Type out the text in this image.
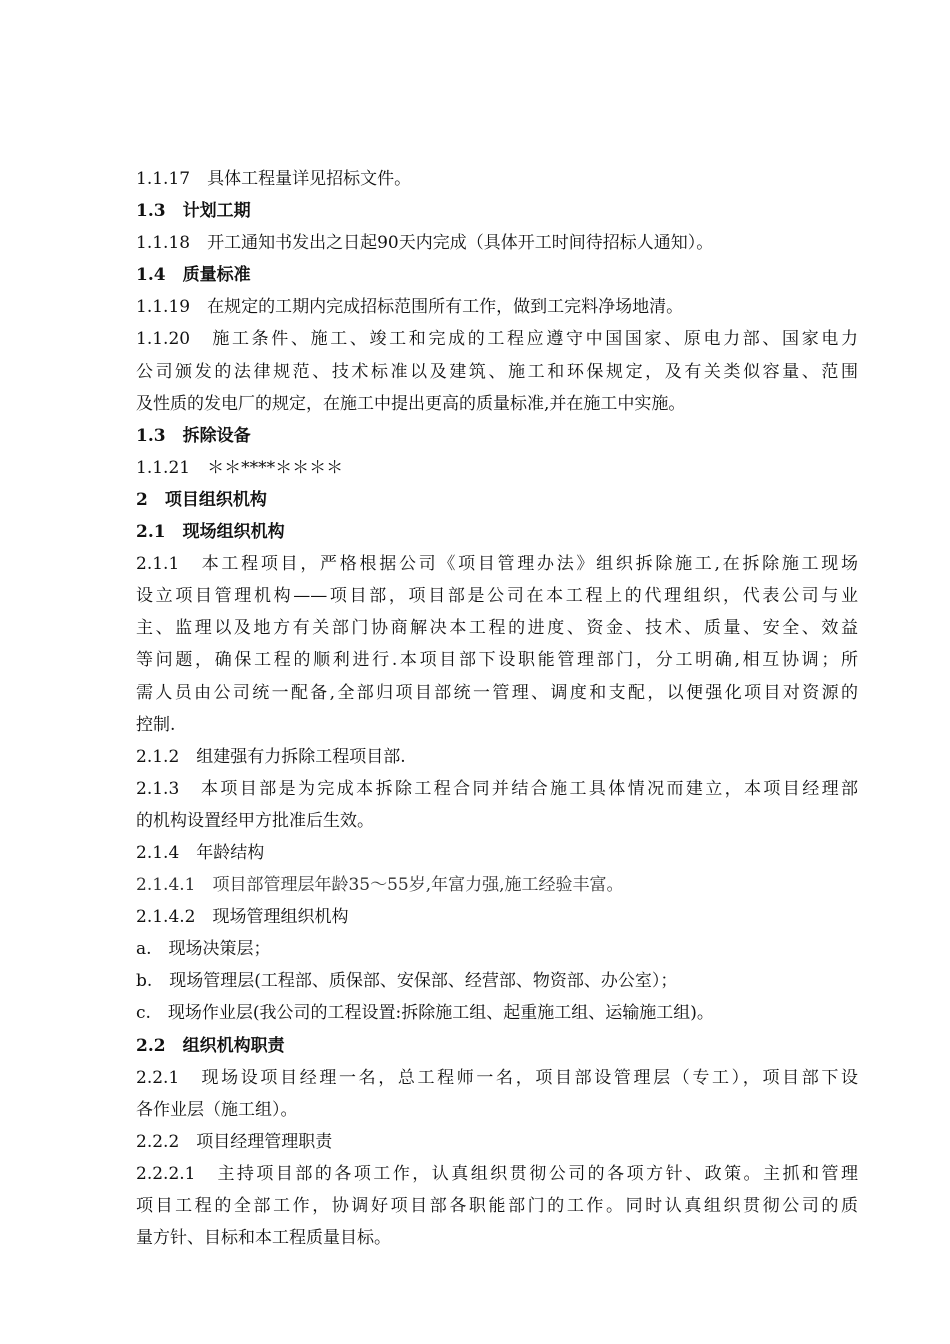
1.1.17　具体工程量详见招标文件。
1.3　计划工期
1.1.18　开工通知书发出之日起90天内完成（具体开工时间待招标人通知）。
1.4　质量标准
1.1.19　在规定的工期内完成招标范围所有工作，做到工完料净场地清。
1.1.20　施工条件、施工、竣工和完成的工程应遵守中国国家、原电力部、国家电力
公司颁发的法律规范、技术标准以及建筑、施工和环保规定，及有关类似容量、范围
及性质的发电厂的规定，在施工中提出更高的质量标准,并在施工中实施。
1.3　拆除设备
1.1.21　＊＊****＊＊＊＊
2　项目组织机构
2.1　现场组织机构
2.1.1　本工程项目，严格根据公司《项目管理办法》组织拆除施工,在拆除施工现场
设立项目管理机构——项目部，项目部是公司在本工程上的代理组织，代表公司与业
主、监理以及地方有关部门协商解决本工程的进度、资金、技术、质量、安全、效益
等问题，确保工程的顺利进行.本项目部下设职能管理部门，分工明确,相互协调；所
需人员由公司统一配备,全部归项目部统一管理、调度和支配，以便强化项目对资源的
控制.
2.1.2　组建强有力拆除工程项目部.
2.1.3　本项目部是为完成本拆除工程合同并结合施工具体情况而建立，本项目经理部
的机构设置经甲方批准后生效。
2.1.4　年龄结构
2.1.4.1　项目部管理层年龄35～55岁,年富力强,施工经验丰富。
2.1.4.2　现场管理组织机构
a.　现场决策层；
b.　现场管理层(工程部、质保部、安保部、经营部、物资部、办公室）；
c.　现场作业层(我公司的工程设置:拆除施工组、起重施工组、运输施工组)。
2.2　组织机构职责
2.2.1　现场设项目经理一名，总工程师一名，项目部设管理层（专工），项目部下设
各作业层（施工组）。
2.2.2　项目经理管理职责
2.2.2.1　主持项目部的各项工作，认真组织贯彻公司的各项方针、政策。主抓和管理
项目工程的全部工作，协调好项目部各职能部门的工作。同时认真组织贯彻公司的质
量方针、目标和本工程质量目标。
